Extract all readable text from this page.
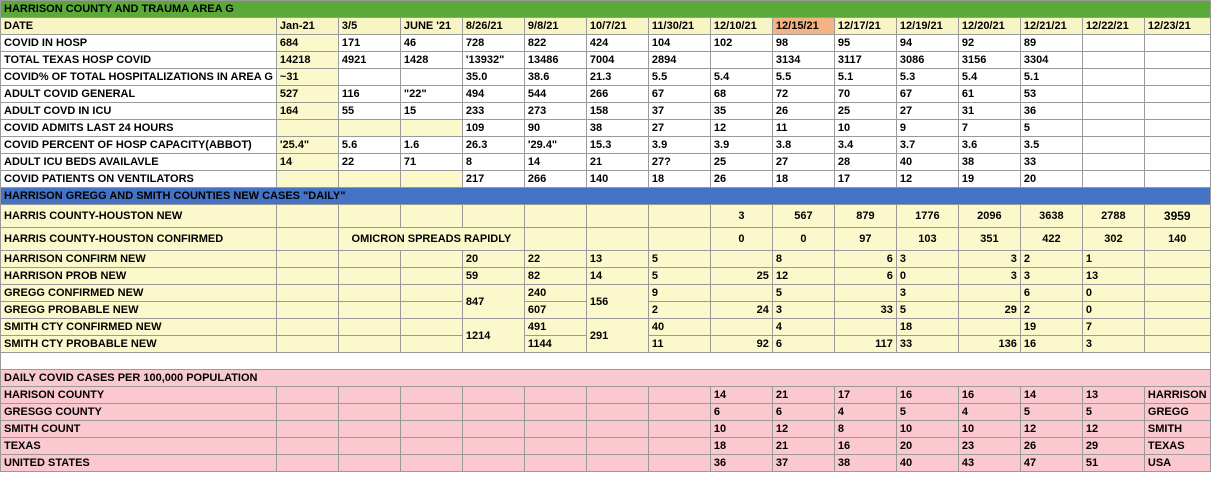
HARRISON COUNTY AND TRAUMA AREA G															
DATE	Jan-21	3/5	JUNE '21	8/26/21	9/8/21	10/7/21	11/30/21	12/10/21	12/15/21	12/17/21	12/19/21	12/20/21	12/21/21	12/22/21	12/23/21
COVID IN HOSP	684	171	46	728	822	424	104	102	98	95	94	92	89		
TOTAL TEXAS HOSP COVID	14218	4921	1428	'13932"	13486	7004	2894		3134	3117	3086	3156	3304		
COVID% OF TOTAL HOSPITALIZATIONS IN AREA G	~31			35.0	38.6	21.3	5.5	5.4	5.5	5.1	5.3	5.4	5.1		
ADULT COVID GENERAL	527	116	"22"	494	544	266	67	68	72	70	67	61	53		
ADULT COVD IN ICU	164	55	15	233	273	158	37	35	26	25	27	31	36		
COVID ADMITS LAST 24 HOURS				109	90	38	27	12	11	10	9	7	5		
COVID PERCENT OF HOSP CAPACITY(ABBOT)	'25.4"	5.6	1.6	26.3	'29.4"	15.3	3.9	3.9	3.8	3.4	3.7	3.6	3.5		
ADULT ICU BEDS AVAILAVLE	14	22	71	8	14	21	27?	25	27	28	40	38	33		
COVID PATIENTS ON VENTILATORS				217	266	140	18	26	18	17	12	19	20		
HARRISON GREGG AND SMITH COUNTIES NEW CASES "DAILY"															
HARRIS COUNTY-HOUSTON NEW								3	567	879	1776	2096	3638	2788	3959
HARRIS COUNTY-HOUSTON CONFIRMED		OMICRON SPREADS RAPIDLY						0	0	97	103	351	422	302	140
HARRISON CONFIRM NEW				20	22	13	5		8	6	3	3	2	1	
HARRISON PROB NEW				59	82	14	5	25	12	6	0	3	3	13	
GREGG CONFIRMED NEW				847	240	156	9		5		3		6	0	
GREGG PROBABLE NEW					607		2	24	3	33	5	29	2	0	
SMITH CTY CONFIRMED NEW				1214	491	291	40		4		18		19	7	
SMITH CTY PROBABLE NEW					1144		11	92	6	117	33	136	16	3	

DAILY COVID CASES PER 100,000 POPULATION															
HARISON COUNTY								14	21	17	16	16	14	13	HARRISON
GRESGG COUNTY								6	6	4	5	4	5	5	GREGG
SMITH COUNT								10	12	8	10	10	12	12	SMITH
TEXAS								18	21	16	20	23	26	29	TEXAS
UNITED STATES								36	37	38	40	43	47	51	USA
